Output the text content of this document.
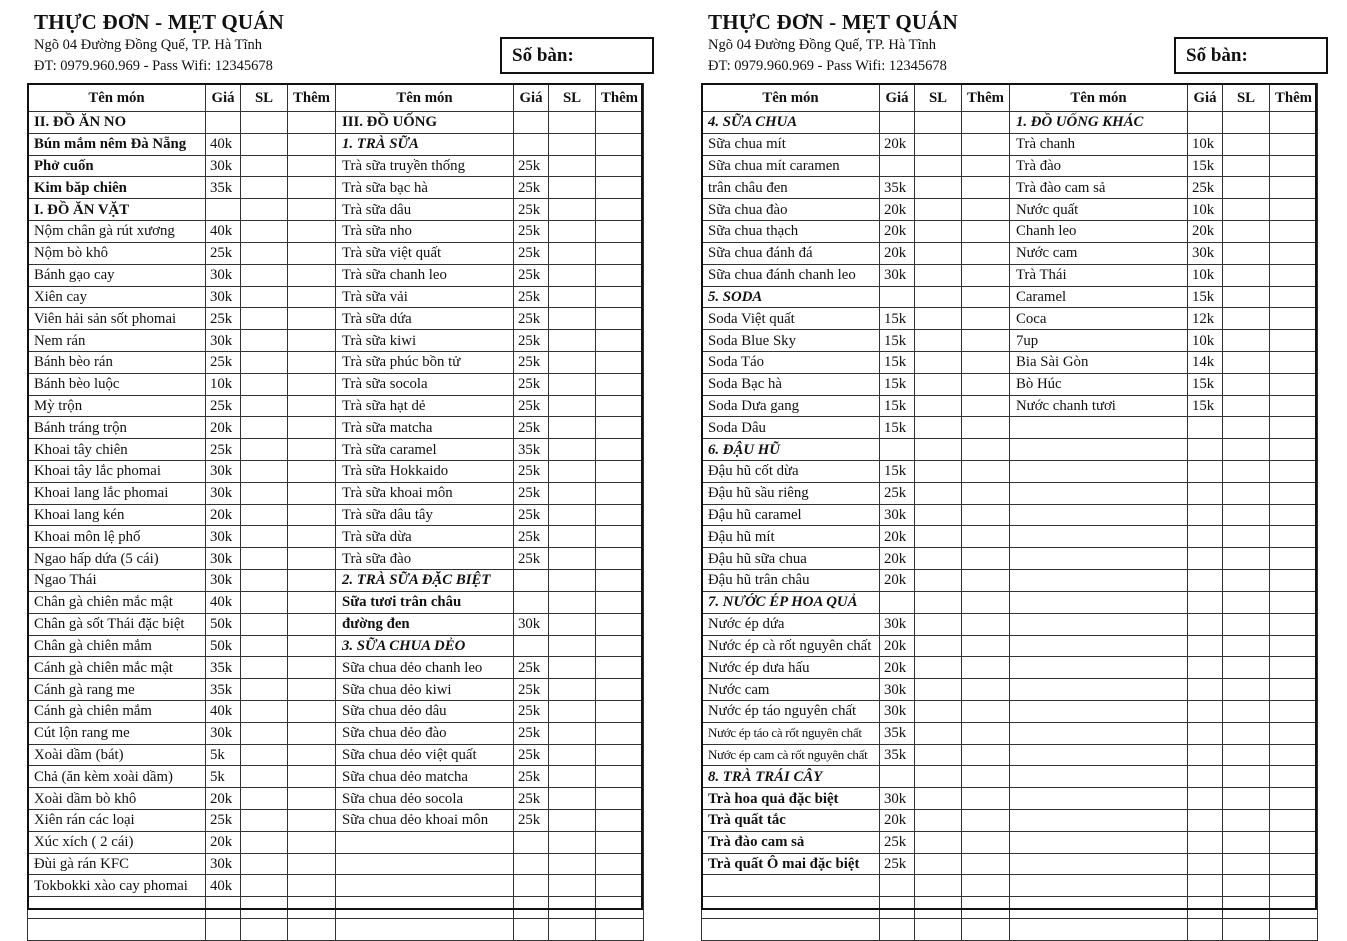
THỰC ĐƠN - MẸT QUÁN
Ngõ 04 Đường Đồng Quế, TP. Hà Tĩnh
ĐT: 0979.960.969 - Pass Wifi: 12345678	Số bàn:
Tên món	Giá	SL	Thêm
II. ĐỒ ĂN NO			
Bún mắm nêm Đà Nẵng	40k		
Phở cuốn	30k		
Kim băp chiên	35k		
I. ĐỒ ĂN VẶT			
Nộm chân gà rút xương	40k		
Nộm bò khô	25k		
Bánh gạo cay	30k		
Xiên cay	30k		
Viên hải sản sốt phomai	25k		
Nem rán	30k		
Bánh bèo rán	25k		
Bánh bèo luộc	10k		
Mỳ trộn	25k		
Bánh tráng trộn	20k		
Khoai tây chiên	25k		
Khoai tây lắc phomai	30k		
Khoai lang lắc phomai	30k		
Khoai lang kén	20k		
Khoai môn lệ phố	30k		
Ngao hấp dứa (5 cái)	30k		
Ngao Thái	30k		
Chân gà chiên mắc mật	40k		
Chân gà sốt Thái đặc biệt	50k		
Chân gà chiên mắm	50k		
Cánh gà chiên mắc mật	35k		
Cánh gà rang me	35k		
Cánh gà chiên mắm	40k		
Cút lộn rang me	30k		
Xoài dầm (bát)	5k		
Chả (ăn kèm xoài dầm)	5k		
Xoài dầm bò khô	20k		
Xiên rán các loại	25k		
Xúc xích ( 2 cái)	20k		
Đùi gà rán KFC	30k		
Tokbokki xào cay phomai	40k		

Tên món	Giá	SL	Thêm
III. ĐỒ UỐNG			
1. TRÀ SỮA			
Trà sữa truyền thống	25k		
Trà sữa bạc hà	25k		
Trà sữa dâu	25k		
Trà sữa nho	25k		
Trà sữa việt quất	25k		
Trà sữa chanh leo	25k		
Trà sữa vải	25k		
Trà sữa dứa	25k		
Trà sữa kiwi	25k		
Trà sữa phúc bồn tử	25k		
Trà sữa socola	25k		
Trà sữa hạt dẻ	25k		
Trà sữa matcha	25k		
Trà sữa caramel	35k		
Trà sữa Hokkaido	25k		
Trà sữa khoai môn	25k		
Trà sữa dâu tây	25k		
Trà sữa dừa	25k		
Trà sữa đào	25k		
2. TRÀ SỮA ĐẶC BIỆT			
Sữa tươi trân châu			
đường đen	30k		
3. SỮA CHUA DẺO			
Sữa chua dẻo chanh leo	25k		
Sữa chua dẻo kiwi	25k		
Sữa chua dẻo dâu	25k		
Sữa chua dẻo đào	25k		
Sữa chua dẻo việt quất	25k		
Sữa chua dẻo matcha	25k		
Sữa chua dẻo socola	25k		
Sữa chua dẻo khoai môn	25k		

THỰC ĐƠN - MẸT QUÁN
Ngõ 04 Đường Đồng Quế, TP. Hà Tĩnh
ĐT: 0979.960.969 - Pass Wifi: 12345678	Số bàn:
Tên món	Giá	SL	Thêm
4. SỮA CHUA			
Sữa chua mít	20k		
Sữa chua mít caramen			
trân châu đen	35k		
Sữa chua đào	20k		
Sữa chua thạch	20k		
Sữa chua đánh đá	20k		
Sữa chua đánh chanh leo	30k		
5. SODA			
Soda Việt quất	15k		
Soda Blue Sky	15k		
Soda Táo	15k		
Soda Bạc hà	15k		
Soda Dưa gang	15k		
Soda Dâu	15k		
6. ĐẬU HŨ			
Đậu hũ cốt dừa	15k		
Đậu hũ sầu riêng	25k		
Đậu hũ caramel	30k		
Đậu hũ mít	20k		
Đậu hũ sữa chua	20k		
Đậu hũ trân châu	20k		
7. NƯỚC ÉP HOA QUẢ			
Nước ép dứa	30k		
Nước ép cà rốt nguyên chất	20k		
Nước ép dưa hấu	20k		
Nước cam	30k		
Nước ép táo nguyên chất	30k		
Nước ép táo cà rốt nguyên chất	35k		
Nước ép cam cà rốt nguyên chất	35k		
8. TRÀ TRÁI CÂY			
Trà hoa quả đặc biệt	30k		
Trà quất tắc	20k		
Trà đào cam sả	25k		
Trà quất Ô mai đặc biệt	25k		

Tên món	Giá	SL	Thêm
1. ĐỒ UỐNG KHÁC			
Trà chanh	10k		
Trà đào	15k		
Trà đào cam sả	25k		
Nước quất	10k		
Chanh leo	20k		
Nước cam	30k		
Trà Thái	10k		
Caramel	15k		
Coca	12k		
7up	10k		
Bia Sài Gòn	14k		
Bò Húc	15k		
Nước chanh tươi	15k		
